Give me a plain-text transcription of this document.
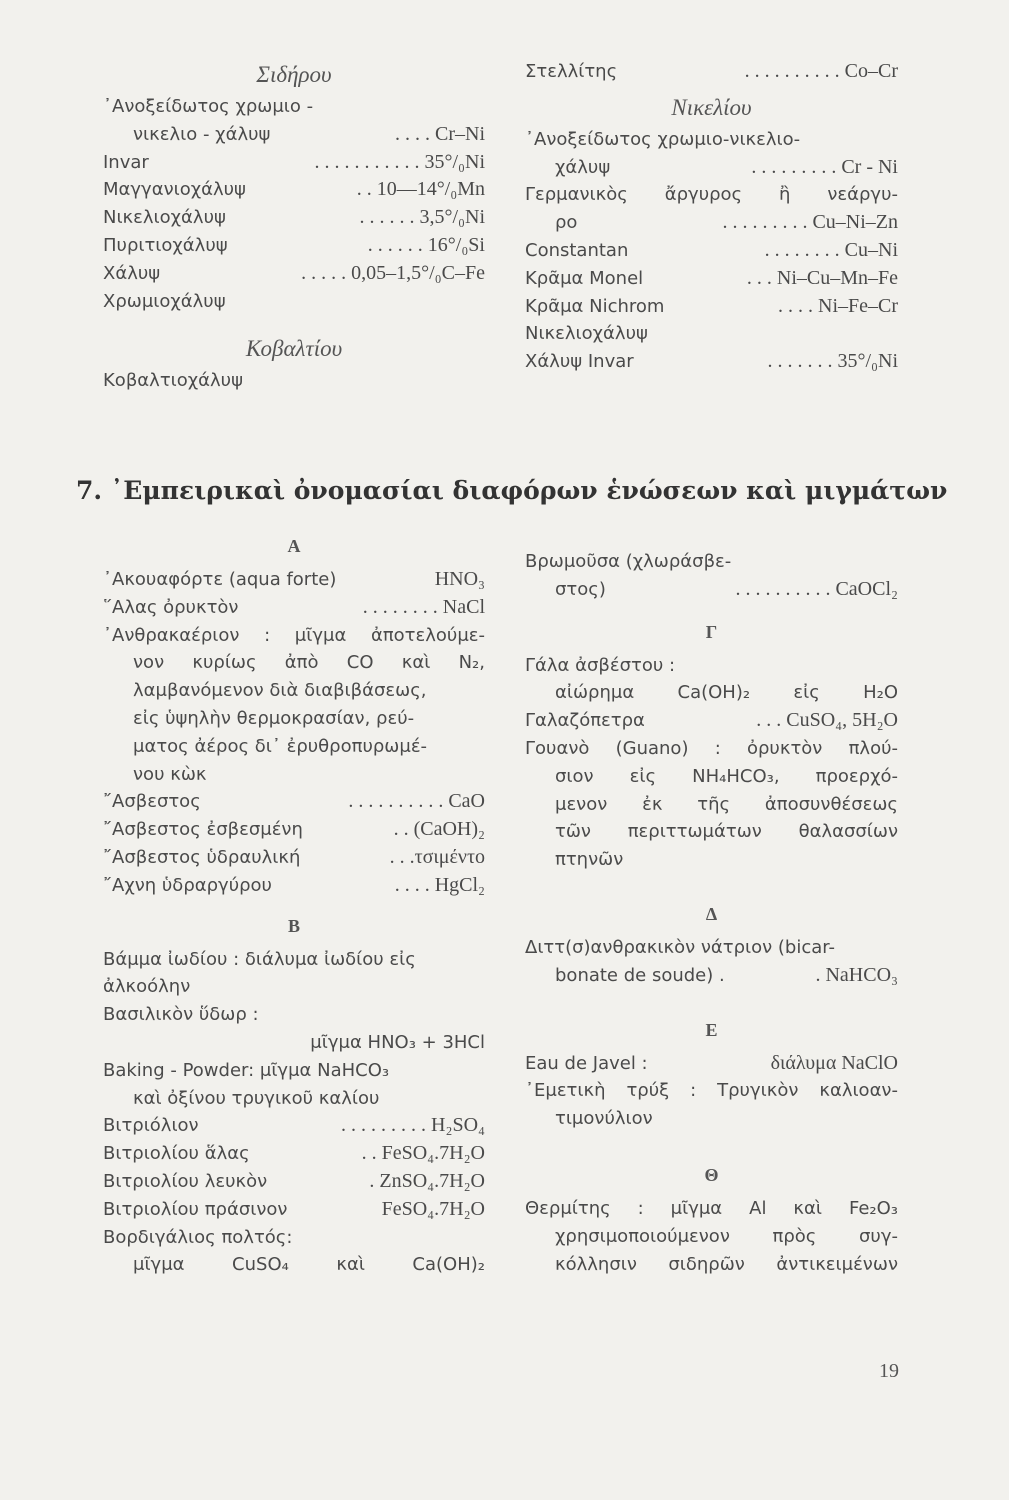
Σιδήρου
᾿Ανοξείδωτος χρωμιο -
νικελιο - χάλυψ	. . . . Cr–Ni
Invar	. . . . . . . . . . . 35°/₀Ni
Μαγγανιοχάλυψ	. . 10—14°/₀Mn
Νικελιοχάλυψ	. . . . . . 3,5°/₀Ni
Πυριτιοχάλυψ	. . . . . . 16°/₀Si
Χάλυψ	. . . . . 0,05–1,5°/₀C–Fe
Χρωμιοχάλυψ
Κοβαλτίου
Κοβαλτιοχάλυψ
Στελλίτης	. . . . . . . . . . Co–Cr
Νικελίου
᾿Ανοξείδωτος χρωμιο-νικελιο-
χάλυψ	. . . . . . . . . Cr - Ni
Γερμανικὸς ἄργυρος ἢ νεάργυ-
ρο	. . . . . . . . . Cu–Ni–Zn
Constantan	. . . . . . . . Cu–Ni
Κρᾶμα Monel	. . . Ni–Cu–Mn–Fe
Κρᾶμα Nichrom	. . . . Ni–Fe–Cr
Νικελιοχάλυψ
Χάλυψ Invar	. . . . . . . 35°/₀Ni
7. ᾿Εμπειρικαὶ ὀνομασίαι διαφόρων ἑνώσεων καὶ μιγμάτων
Α
᾿Ακουαφόρτε (aqua forte)	HNO₃
῞Αλας ὀρυκτὸν	. . . . . . . . NaCl
᾿Ανθρακαέριον : μῖγμα ἀποτελούμε-
νον κυρίως ἀπὸ CO καὶ N₂,
λαμβανόμενον διὰ διαβιβάσεως,
εἰς ὑψηλὴν θερμοκρασίαν, ρεύ-
ματος ἀέρος δι᾿ ἐρυθροπυρωμέ-
νου κὼκ
῎Ασβεστος	. . . . . . . . . . CaO
῎Ασβεστος ἐσβεσμένη	. . (CaOH)₂
῎Ασβεστος ὑδραυλική	. . .τσιμέντο
῎Αχνη ὑδραργύρου	. . . . HgCl₂
Β
Βάμμα ἰωδίου : διάλυμα ἰωδίου εἰς
ἀλκοόλην
Βασιλικὸν ὕδωρ :
μῖγμα HNO₃ + 3HCl
Baking - Powder: μῖγμα NaHCO₃
καὶ ὀξίνου τρυγικοῦ καλίου
Βιτριόλιον	. . . . . . . . . H₂SO₄
Βιτριολίου ἅλας	. . FeSO₄.7H₂O
Βιτριολίου λευκὸν	. ZnSO₄.7H₂O
Βιτριολίου πράσινον	FeSO₄.7H₂O
Βορδιγάλιος πολτός:
μῖγμα CuSO₄ καὶ Ca(OH)₂
Βρωμοῦσα (χλωράσβε-
στος)	. . . . . . . . . . CaOCl₂
Γ
Γάλα ἀσβέστου :
αἰώρημα Ca(OH)₂ εἰς H₂O
Γαλαζόπετρα	. . . CuSO₄, 5H₂O
Γουανὸ (Guano) : ὀρυκτὸν πλού-
σιον εἰς NH₄HCO₃, προερχό-
μενον ἐκ τῆς ἀποσυνθέσεως
τῶν περιττωμάτων θαλασσίων
πτηνῶν
Δ
Διττ(σ)ανθρακικὸν νάτριον (bicar-
bonate de soude) .	. NaHCO₃
Ε
Eau de Javel :	διάλυμα NaClO
᾿Εμετικὴ τρύξ : Τρυγικὸν καλιοαν-
τιμονύλιον
Θ
Θερμίτης : μῖγμα Al καὶ Fe₂O₃
χρησιμοποιούμενον πρὸς συγ-
κόλλησιν σιδηρῶν ἀντικειμένων
19
